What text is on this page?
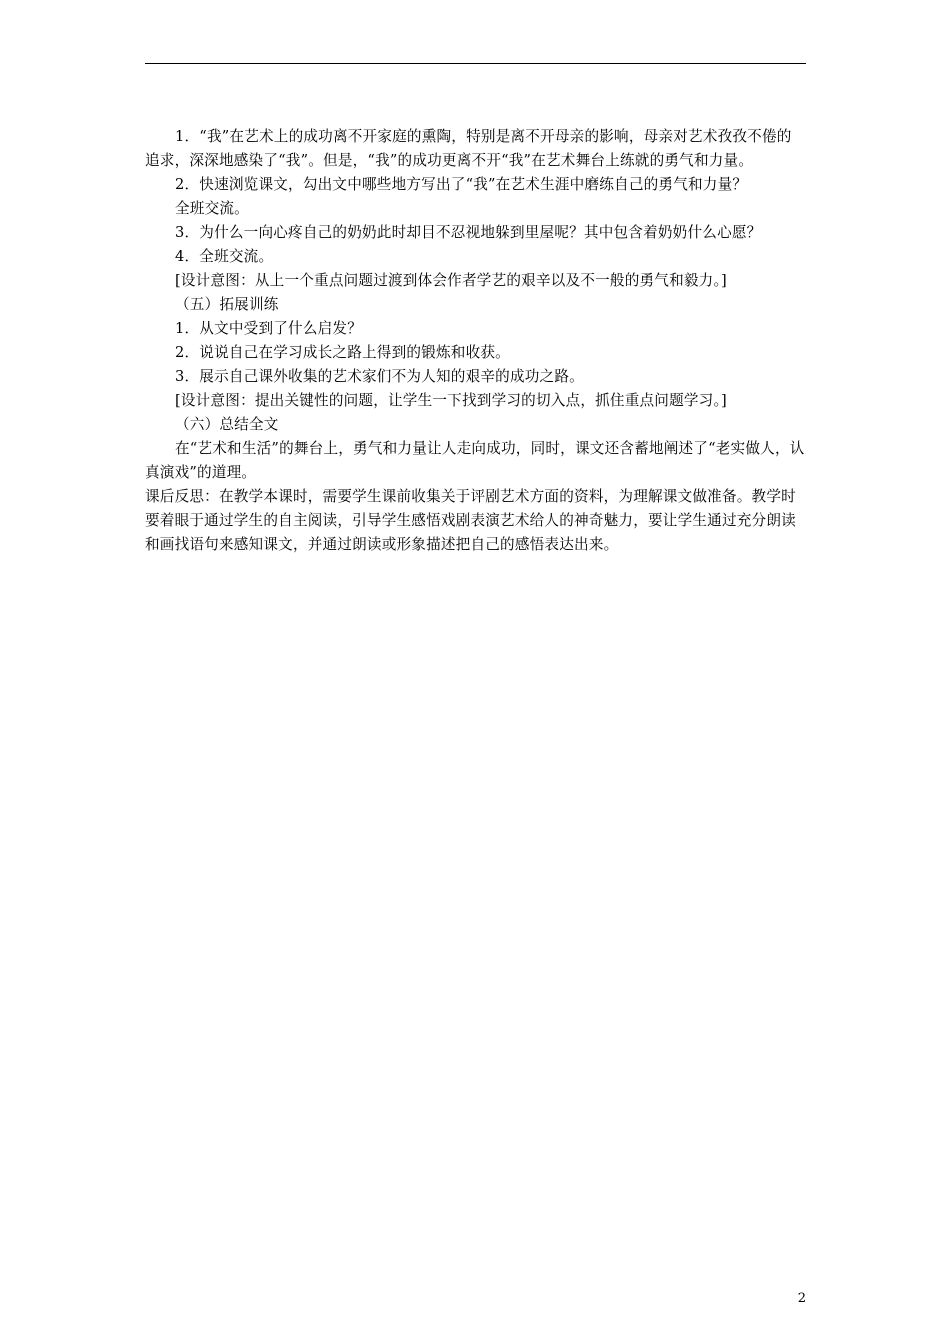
1．“我”在艺术上的成功离不开家庭的熏陶，特别是离不开母亲的影响，母亲对艺术孜孜不倦的追求，深深地感染了“我”。但是，“我”的成功更离不开“我”在艺术舞台上练就的勇气和力量。

2．快速浏览课文，勾出文中哪些地方写出了“我”在艺术生涯中磨练自己的勇气和力量？

全班交流。

3．为什么一向心疼自己的奶奶此时却目不忍视地躲到里屋呢？其中包含着奶奶什么心愿？

4．全班交流。

[设计意图：从上一个重点问题过渡到体会作者学艺的艰辛以及不一般的勇气和毅力。]

（五）拓展训练

1．从文中受到了什么启发？

2．说说自己在学习成长之路上得到的锻炼和收获。

3．展示自己课外收集的艺术家们不为人知的艰辛的成功之路。

[设计意图：提出关键性的问题，让学生一下找到学习的切入点，抓住重点问题学习。]

（六）总结全文

在“艺术和生活”的舞台上，勇气和力量让人走向成功，同时，课文还含蓄地阐述了“老实做人，认真演戏”的道理。

课后反思：在教学本课时，需要学生课前收集关于评剧艺术方面的资料，为理解课文做准备。教学时要着眼于通过学生的自主阅读，引导学生感悟戏剧表演艺术给人的神奇魅力，要让学生通过充分朗读和画找语句来感知课文，并通过朗读或形象描述把自己的感悟表达出来。

2
